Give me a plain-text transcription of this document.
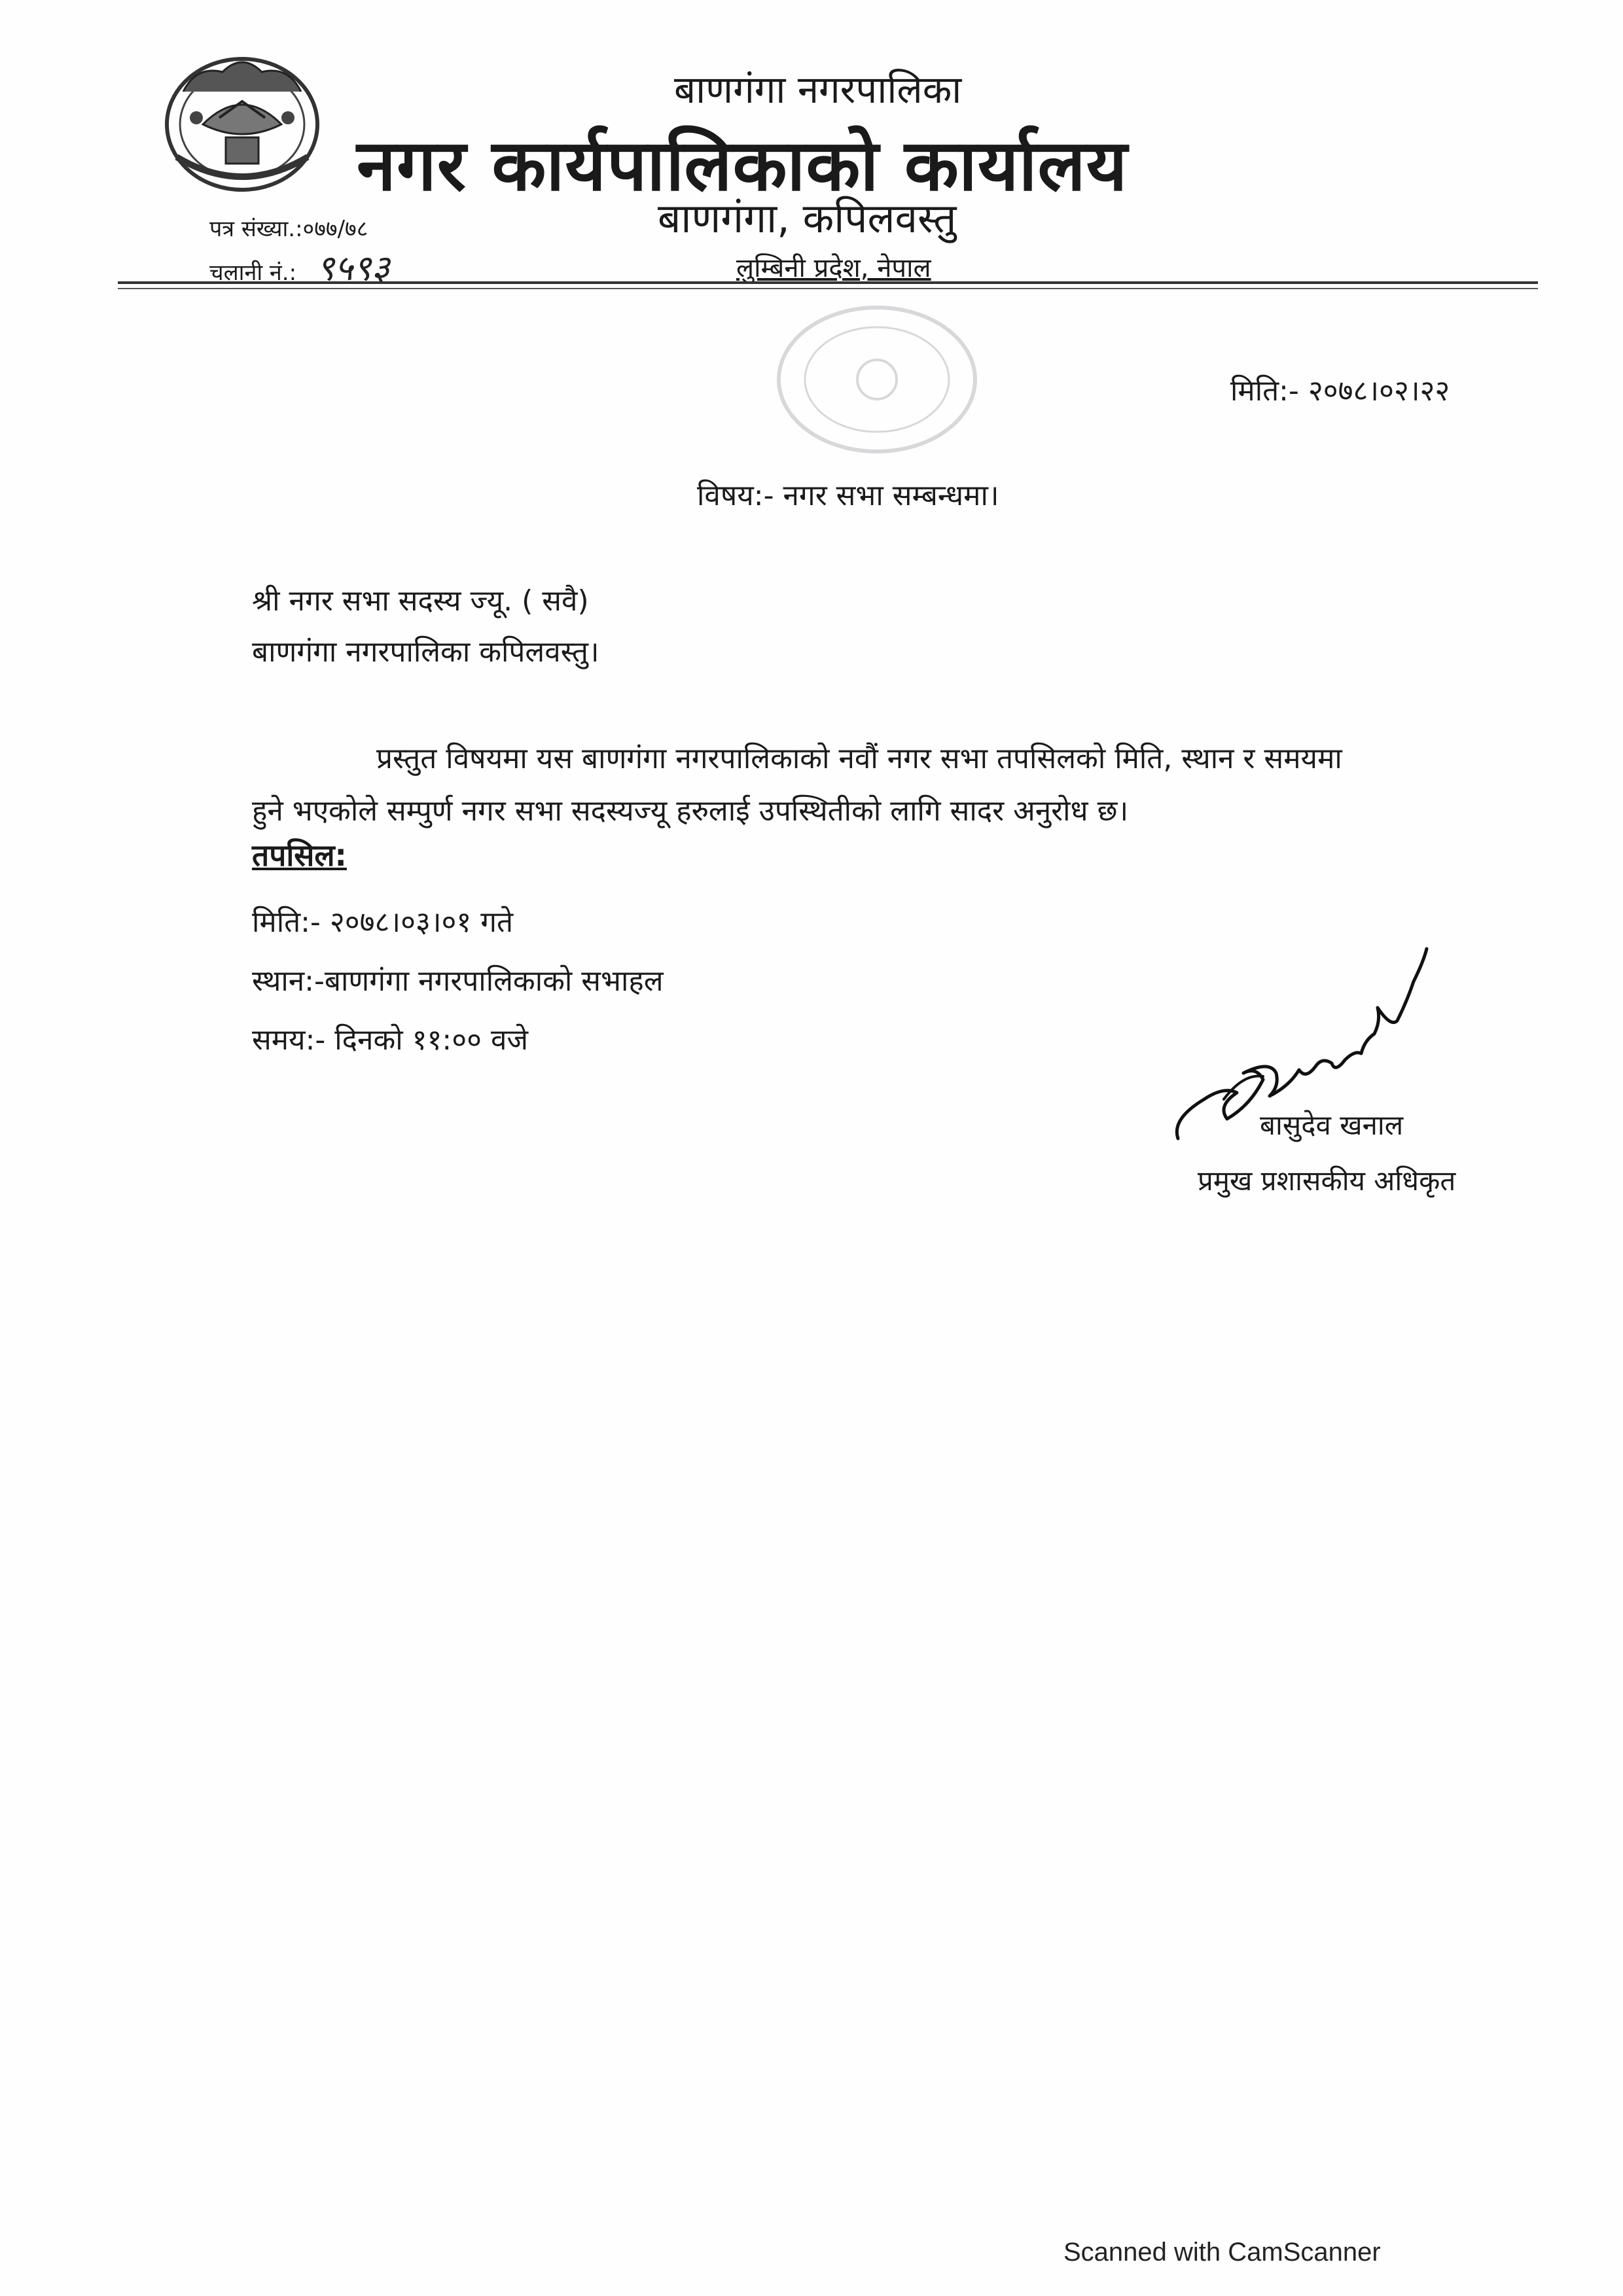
बाणगंगा नगरपालिका
नगर कार्यपालिकाको कार्यालय
बाणगंगा, कपिलवस्तु
लुम्बिनी प्रदेश, नेपाल
पत्र संख्या.:०७७/७८
चलानी नं.: ९५९३
मिति:- २०७८।०२।२२
विषय:- नगर सभा सम्बन्धमा।
श्री नगर सभा सदस्य ज्यू. ( सवै)
बाणगंगा नगरपालिका कपिलवस्तु।
प्रस्तुत विषयमा यस बाणगंगा नगरपालिकाको नवौं नगर सभा तपसिलको मिति, स्थान र समयमा
हुने भएकोले सम्पुर्ण नगर सभा सदस्यज्यू हरुलाई उपस्थितीको लागि सादर अनुरोध छ।
तपसिल:
मिति:- २०७८।०३।०१ गते
स्थान:-बाणगंगा नगरपालिकाको सभाहल
समय:- दिनको ११:०० वजे
बासुदेव खनाल
प्रमुख प्रशासकीय अधिकृत
Scanned with CamScanner
